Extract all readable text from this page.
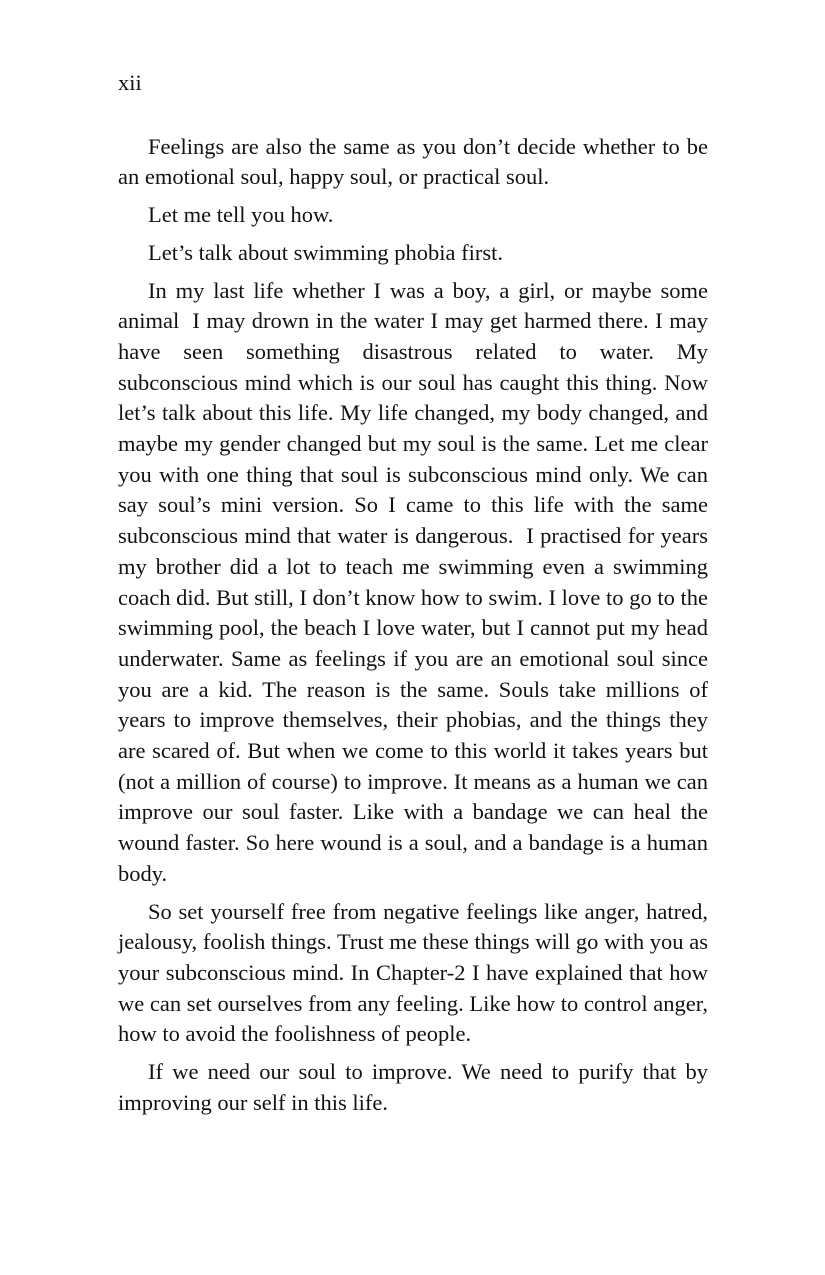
xii

Feelings are also the same as you don’t decide whether to be an emotional soul, happy soul, or practical soul.

Let me tell you how.

Let’s talk about swimming phobia first.

In my last life whether I was a boy, a girl, or maybe some animal  I may drown in the water I may get harmed there. I may have seen something disastrous related to water. My subconscious mind which is our soul has caught this thing. Now let’s talk about this life. My life changed, my body changed, and maybe my gender changed but my soul is the same. Let me clear you with one thing that soul is subconscious mind only. We can say soul’s mini version. So I came to this life with the same subconscious mind that water is dangerous.  I practised for years my brother did a lot to teach me swimming even a swimming coach did. But still, I don’t know how to swim. I love to go to the swimming pool, the beach I love water, but I cannot put my head underwater. Same as feelings if you are an emotional soul since you are a kid. The reason is the same. Souls take millions of years to improve themselves, their phobias, and the things they are scared of. But when we come to this world it takes years but (not a million of course) to improve. It means as a human we can improve our soul faster. Like with a bandage we can heal the wound faster. So here wound is a soul, and a bandage is a human body.

So set yourself free from negative feelings like anger, hatred, jealousy, foolish things. Trust me these things will go with you as your subconscious mind. In Chapter-2 I have explained that how we can set ourselves from any feeling. Like how to control anger, how to avoid the foolishness of people.

If we need our soul to improve. We need to purify that by improving our self in this life.
